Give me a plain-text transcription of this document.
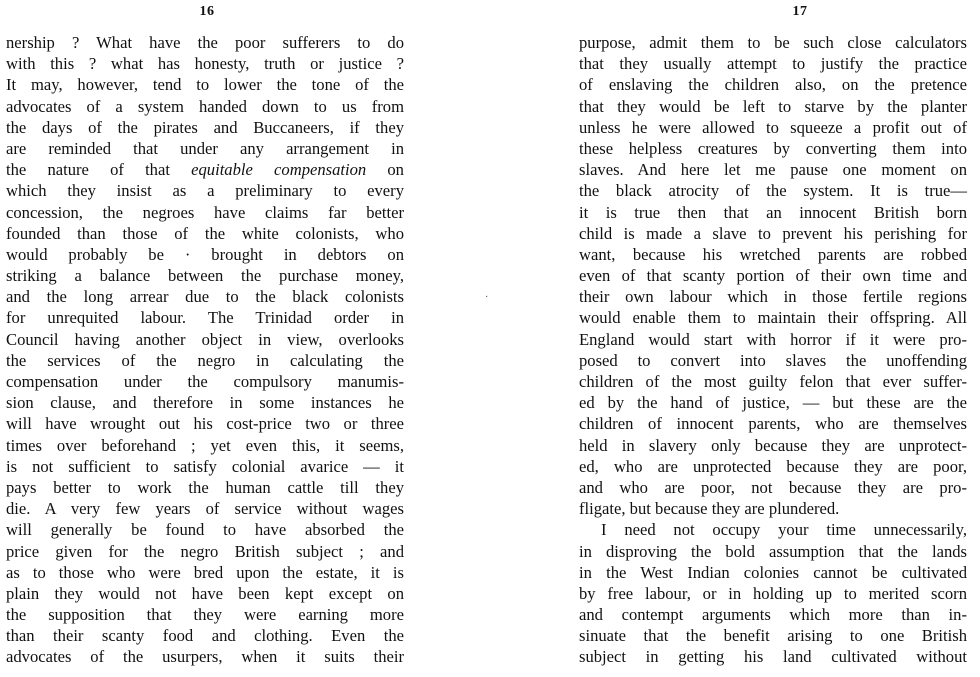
16
nership ? What have the poor sufferers to do
with this ? what has honesty, truth or justice ?
It may, however, tend to lower the tone of the
advocates of a system handed down to us from
the days of the pirates and Buccaneers, if they
are reminded that under any arrangement in
the nature of that equitable compensation on
which they insist as a preliminary to every
concession, the negroes have claims far better
founded than those of the white colonists, who
would probably be · brought in debtors on
striking a balance between the purchase money,
and the long arrear due to the black colonists
for unrequited labour. The Trinidad order in
Council having another object in view, overlooks
the services of the negro in calculating the
compensation under the compulsory manumis-
sion clause, and therefore in some instances he
will have wrought out his cost-price two or three
times over beforehand ; yet even this, it seems,
is not sufficient to satisfy colonial avarice — it
pays better to work the human cattle till they
die. A very few years of service without wages
will generally be found to have absorbed the
price given for the negro British subject ; and
as to those who were bred upon the estate, it is
plain they would not have been kept except on
the supposition that they were earning more
than their scanty food and clothing. Even the
advocates of the usurpers, when it suits their
·
17
purpose, admit them to be such close calculators
that they usually attempt to justify the practice
of enslaving the children also, on the pretence
that they would be left to starve by the planter
unless he were allowed to squeeze a profit out of
these helpless creatures by converting them into
slaves. And here let me pause one moment on
the black atrocity of the system. It is true—
it is true then that an innocent British born
child is made a slave to prevent his perishing for
want, because his wretched parents are robbed
even of that scanty portion of their own time and
their own labour which in those fertile regions
would enable them to maintain their offspring. All
England would start with horror if it were pro-
posed to convert into slaves the unoffending
children of the most guilty felon that ever suffer-
ed by the hand of justice, — but these are the
children of innocent parents, who are themselves
held in slavery only because they are unprotect-
ed, who are unprotected because they are poor,
and who are poor, not because they are pro-
fligate, but because they are plundered.
I need not occupy your time unnecessarily,
in disproving the bold assumption that the lands
in the West Indian colonies cannot be cultivated
by free labour, or in holding up to merited scorn
and contempt arguments which more than in-
sinuate that the benefit arising to one British
subject in getting his land cultivated without
